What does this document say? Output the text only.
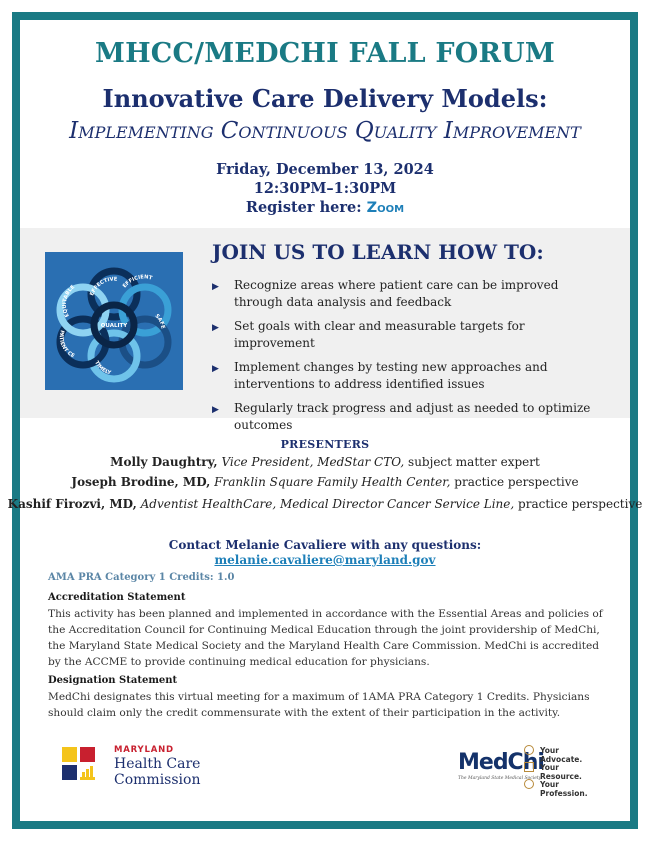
MHCC/MEDCHI FALL FORUM
Innovative Care Delivery Models:
Implementing Continuous Quality Improvement
Friday, December 13, 2024
12:30PM–1:30PM
Register here: Zoom
EFFECTIVE
EFFICIENT
SAFE
TIMELY
PATIENT CE
EQUITABLE
QUALITY
JOIN US TO LEARN HOW TO:
▶ Recognize areas where patient care can be improved through data analysis and feedback
▶ Set goals with clear and measurable targets for improvement
▶ Implement changes by testing new approaches and interventions to address identified issues
▶ Regularly track progress and adjust as needed to optimize outcomes
PRESENTERS
Molly Daughtry, Vice President, MedStar CTO, subject matter expert
Joseph Brodine, MD, Franklin Square Family Health Center, practice perspective
Kashif Firozvi, MD, Adventist HealthCare, Medical Director Cancer Service Line, practice perspective
Contact Melanie Cavaliere with any questions:
melanie.cavaliere@maryland.gov
AMA PRA Category 1 Credits: 1.0
Accreditation Statement
This activity has been planned and implemented in accordance with the Essential Areas and policies of the Accreditation Council for Continuing Medical Education through the joint providership of MedChi, the Maryland State Medical Society and the Maryland Health Care Commission. MedChi is accredited by the ACCME to provide continuing medical education for physicians.
Designation Statement
MedChi designates this virtual meeting for a maximum of 1AMA PRA Category 1 Credits. Physicians should claim only the credit commensurate with the extent of their participation in the activity.
MARYLAND
Health Care
Commission
MedChi
The Maryland State Medical Society
Your Advocate.
Your Resource.
Your Profession.
